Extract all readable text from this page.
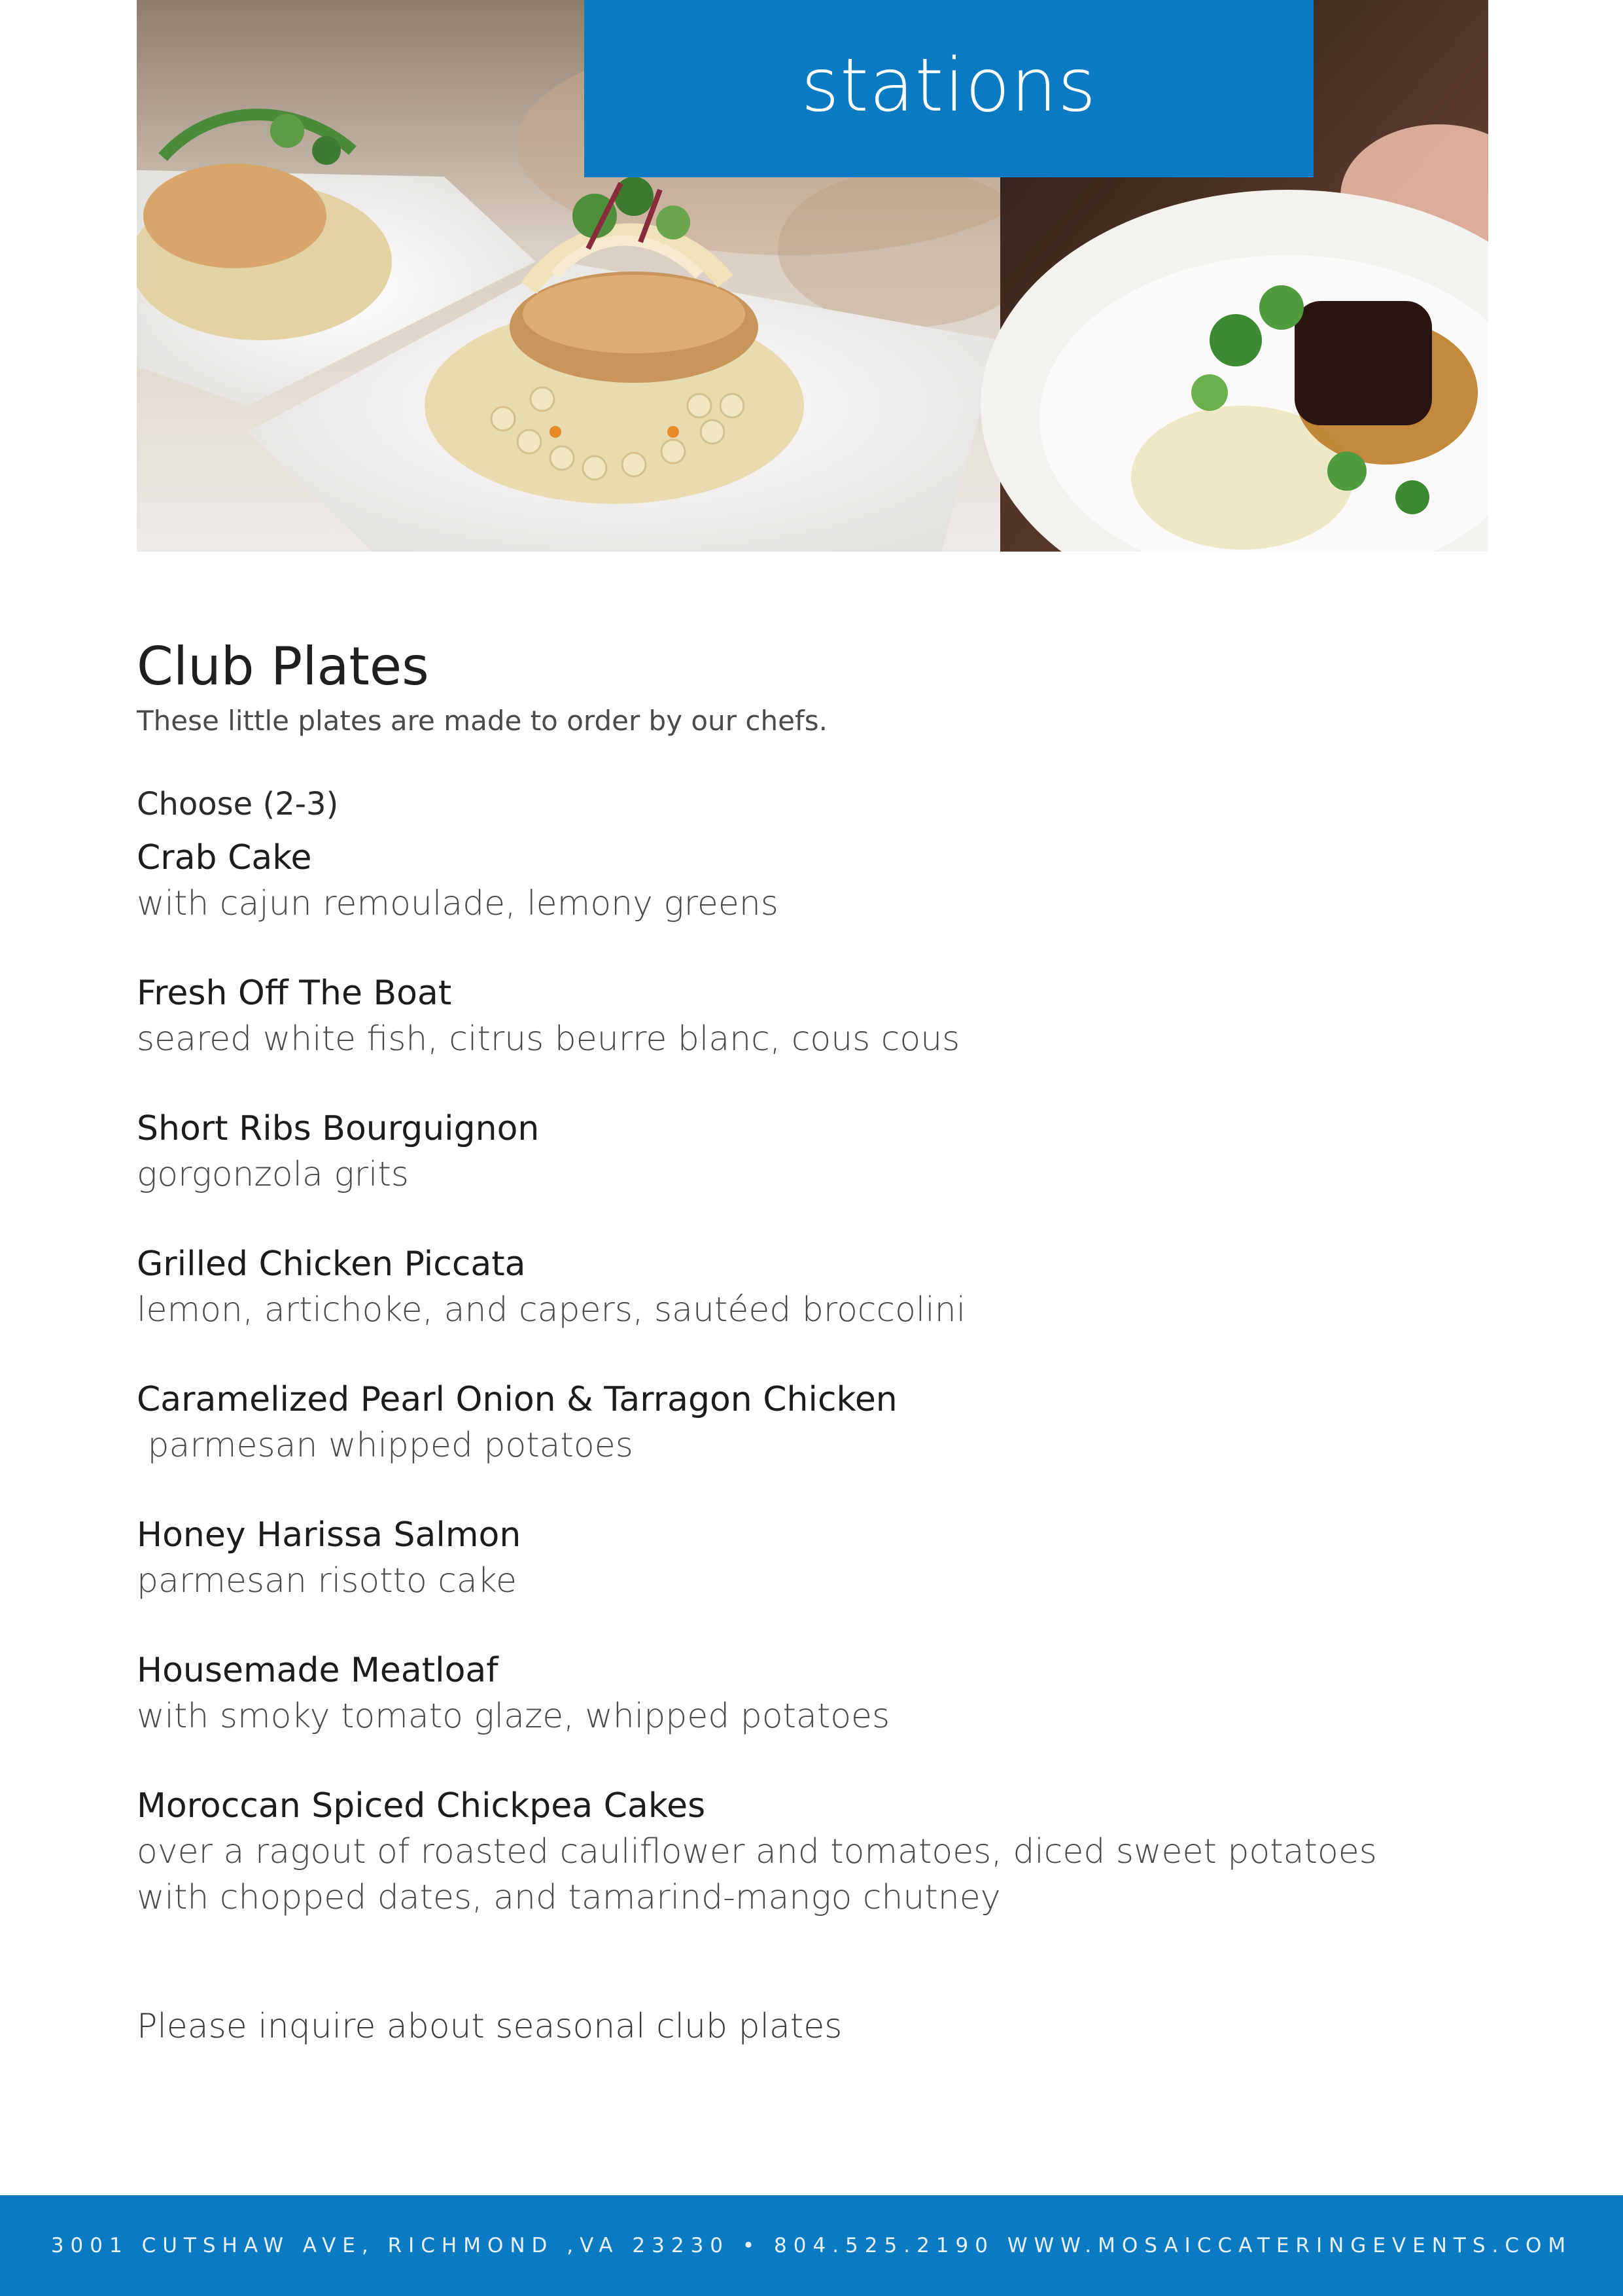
stations
Club Plates
These little plates are made to order by our chefs.
Choose (2-3)
Crab Cake
with cajun remoulade, lemony greens
Fresh Off The Boat
seared white fish, citrus beurre blanc, cous cous
Short Ribs Bourguignon
gorgonzola grits
Grilled Chicken Piccata
lemon, artichoke, and capers, sautéed broccolini
Caramelized Pearl Onion & Tarragon Chicken
parmesan whipped potatoes
Honey Harissa Salmon
parmesan risotto cake
Housemade Meatloaf
with smoky tomato glaze, whipped potatoes
Moroccan Spiced Chickpea Cakes
over a ragout of roasted cauliflower and tomatoes, diced sweet potatoes with chopped dates, and tamarind-mango chutney
Please inquire about seasonal club plates
3001 CUTSHAW AVE, RICHMOND ,VA 23230 • 804.525.2190 WWW.MOSAICCATERINGEVENTS.COM
